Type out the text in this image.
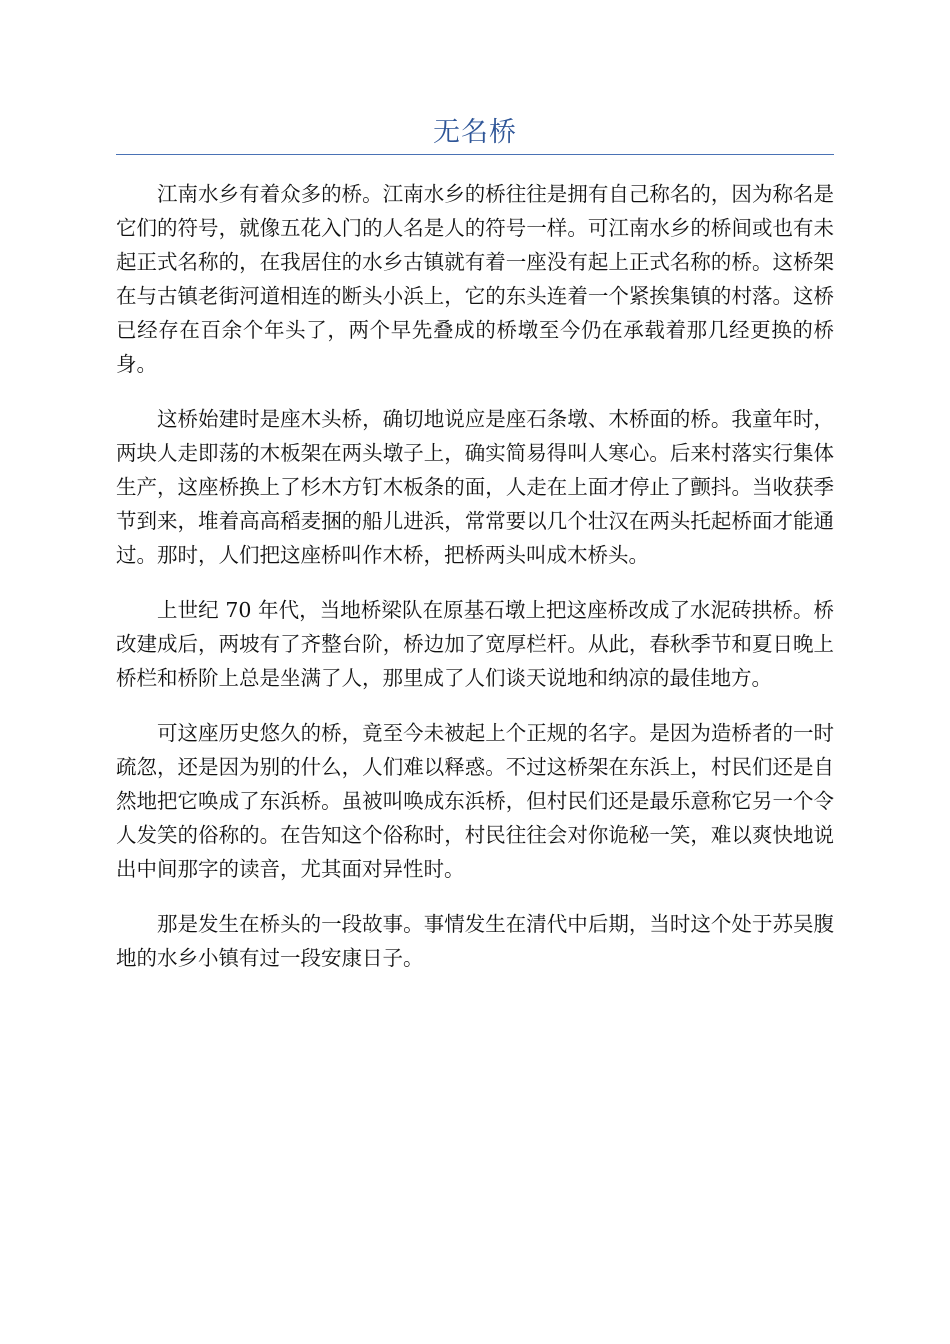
无名桥

江南水乡有着众多的桥。江南水乡的桥往往是拥有自己称名的，因为称名是它们的符号，就像五花入门的人名是人的符号一样。可江南水乡的桥间或也有未起正式名称的，在我居住的水乡古镇就有着一座没有起上正式名称的桥。这桥架在与古镇老街河道相连的断头小浜上，它的东头连着一个紧挨集镇的村落。这桥已经存在百余个年头了，两个早先叠成的桥墩至今仍在承载着那几经更换的桥身。

这桥始建时是座木头桥，确切地说应是座石条墩、木桥面的桥。我童年时，两块人走即荡的木板架在两头墩子上，确实简易得叫人寒心。后来村落实行集体生产，这座桥换上了杉木方钉木板条的面，人走在上面才停止了颤抖。当收获季节到来，堆着高高稻麦捆的船儿进浜，常常要以几个壮汉在两头托起桥面才能通过。那时，人们把这座桥叫作木桥，把桥两头叫成木桥头。

上世纪 70 年代，当地桥梁队在原基石墩上把这座桥改成了水泥砖拱桥。桥改建成后，两坡有了齐整台阶，桥边加了宽厚栏杆。从此，春秋季节和夏日晚上桥栏和桥阶上总是坐满了人，那里成了人们谈天说地和纳凉的最佳地方。

可这座历史悠久的桥，竟至今未被起上个正规的名字。是因为造桥者的一时疏忽，还是因为别的什么，人们难以释惑。不过这桥架在东浜上，村民们还是自然地把它唤成了东浜桥。虽被叫唤成东浜桥，但村民们还是最乐意称它另一个令人发笑的俗称的。在告知这个俗称时，村民往往会对你诡秘一笑，难以爽快地说出中间那字的读音，尤其面对异性时。

那是发生在桥头的一段故事。事情发生在清代中后期，当时这个处于苏吴腹地的水乡小镇有过一段安康日子。
